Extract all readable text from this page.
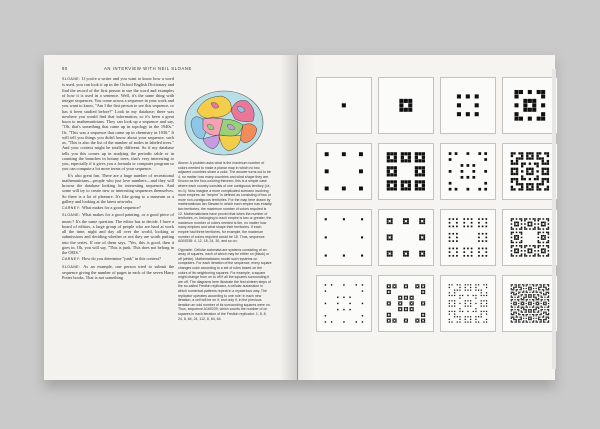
90	AN INTERVIEW WITH NEIL SLOANE

SLOANE: If you're a writer and you want to know how a word is used, you can look it up in the Oxford English Dictionary and find the record of the first person to use the word and examples of how it is used in a sentence. Well, it's the same thing with integer sequences. You come across a sequence in your work and you want to know, "Am I the first person to see this sequence, or has it been studied before?" Look in my database; there was nowhere you would find that information, so it's been a great boon to mathematicians. They can look up a sequence and say, "Oh, that's something that came up in topology in the 1940s." Or, "This was a sequence that came up in chemistry in 1930." It will tell you things you didn't know about your sequence, such as, "This is also the list of the number of nodes in labeled trees." And your context might be totally different. So if my database tells you this comes up in studying the periodic table or in counting the branches in botany trees, that's very interesting to you, especially if it gives you a formula or computer program so you can compute a lot more terms of your sequence.

It's also great fun. There are a huge number of recreational mathematicians—people who just love numbers—and they will browse the database looking for interesting sequences. And some will try to create new or interesting sequences themselves. So there is a lot of pleasure. It's like going to a museum or a gallery and looking at the latest artworks.

CARNEY: What makes for a good sequence?

SLOANE: What makes for a good painting, or a good piece of music? It's the same question. The editor has to decide. I have a board of editors, a large group of people who are hard at work all the time, night and day all over the world, looking at submissions and deciding whether or not they are worth putting into the series. If one of them says, "Yes, this is good, then it goes in. Oh, you will say, "This is junk. This does not belong in the OEIS."

CARNEY: How do you determine "junk" in this context?

SLOANE: As an example, one person tried to submit the sequence giving the number of pages in each of the seven Harry Potter books. That is not something

Above: A problem asks what is the maximum number of colors needed to make a planar map in which no two adjacent countries share a color. The answer turns out to be 4, no matter how many countries and what shape they are. Known as the four-coloring theorem, this is a simple case where each country consists of one contiguous territory (i.e., m=1). Now imagine a more complicated scenario involving more empires: an "empire" is defined as consisting of two or more non-contiguous territories. For the map here drawn by mathematician Ian Stewart in which each empire has exactly two territories, the maximum number of colors required is 12. Mathematicians have proven that when the number of territories, m, belonging to each empire is two or greater, the maximum number of colors needed is 6m, no matter how many empires and what shape their territories. If each empire had three territories, for example, the maximum number of colors required would be 18. Thus, sequence A000038: 4, 12, 18, 24, 30, and so on.

Opposite: Cellular automata are systems consisting of an array of squares, each of which may be either on (black) or off (white). Mathematicians model such systems on computers. For each iteration of the sequence, every square changes color according to a set of rules based on the colors of its neighboring squares. For example, a square might change from on to off if all the squares surrounding it are off. The diagrams here illustrate the first sixteen steps of the so-called Fredkin replicator, a cellular automaton in which numerical patterns repeat in a mysterious way. The replicator operates according to one rule: in each new iteration, a cell will be on if, and only if, in the previous iteration an odd number of its surrounding squares were on. Thus, sequence A160239, which counts the number of on squares in each iteration of the Fredkin replicator: 1, 8, 8, 24, 8, 64, 24, 112, 8, 64, 64.
